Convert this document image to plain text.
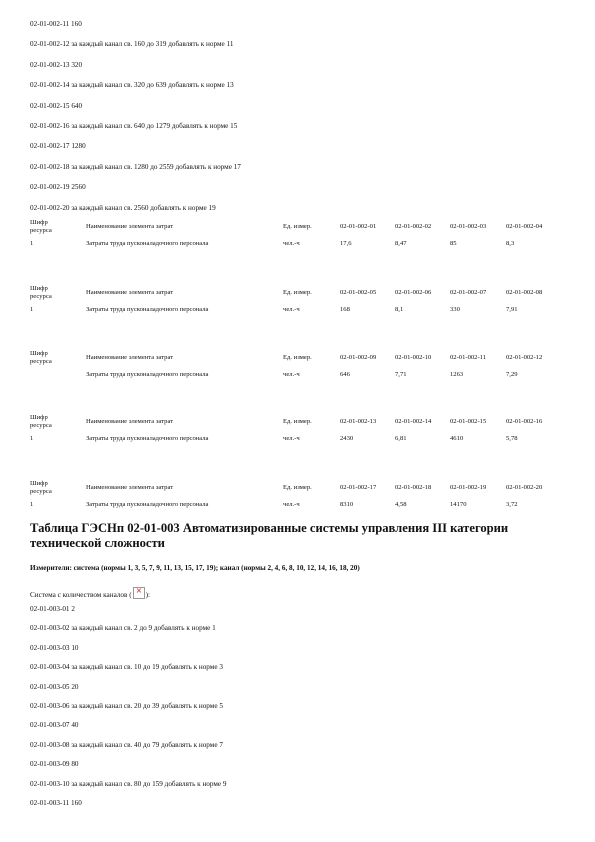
02-01-002-11 160
02-01-002-12 за каждый канал св. 160 до 319 добавлять к норме 11
02-01-002-13 320
02-01-002-14 за каждый канал св. 320 до 639 добавлять к норме 13
02-01-002-15 640
02-01-002-16 за каждый канал св. 640 до 1279 добавлять к норме 15
02-01-002-17 1280
02-01-002-18 за каждый канал св. 1280 до 2559 добавлять к норме 17
02-01-002-19 2560
02-01-002-20 за каждый канал св. 2560 добавлять к норме 19
Шифр ресурса	Наименование элемента затрат	Ед. измер.	02-01-002-01	02-01-002-02	02-01-002-03	02-01-002-04
1	Затраты труда пусконаладочного персонала	чел.-ч	17,6	8,47	85	8,3
Шифр ресурса	Наименование элемента затрат	Ед. измер.	02-01-002-05	02-01-002-06	02-01-002-07	02-01-002-08
1	Затраты труда пусконаладочного персонала	чел.-ч	168	8,1	330	7,91
Шифр ресурса	Наименование элемента затрат	Ед. измер.	02-01-002-09	02-01-002-10	02-01-002-11	02-01-002-12
Затраты труда пусконаладочного персонала	чел.-ч	646	7,71	1263	7,29
Шифр ресурса	Наименование элемента затрат	Ед. измер.	02-01-002-13	02-01-002-14	02-01-002-15	02-01-002-16
1	Затраты труда пусконаладочного персонала	чел.-ч	2430	6,81	4610	5,78
Шифр ресурса	Наименование элемента затрат	Ед. измер.	02-01-002-17	02-01-002-18	02-01-002-19	02-01-002-20
1	Затраты труда пусконаладочного персонала	чел.-ч	8310	4,58	14170	3,72
Таблица ГЭСНп 02-01-003 Автоматизированные системы управления III категории технической сложности
Измерители: система (нормы 1, 3, 5, 7, 9, 11, 13, 15, 17, 19); канал (нормы 2, 4, 6, 8, 10, 12, 14, 16, 18, 20)
Система с количеством каналов (× ):
02-01-003-01 2
02-01-003-02 за каждый канал св. 2 до 9 добавлять к норме 1
02-01-003-03 10
02-01-003-04 за каждый канал св. 10 до 19 добавлять к норме 3
02-01-003-05 20
02-01-003-06 за каждый канал св. 20 до 39 добавлять к норме 5
02-01-003-07 40
02-01-003-08 за каждый канал св. 40 до 79 добавлять к норме 7
02-01-003-09 80
02-01-003-10 за каждый канал св. 80 до 159 добавлять к норме 9
02-01-003-11 160
